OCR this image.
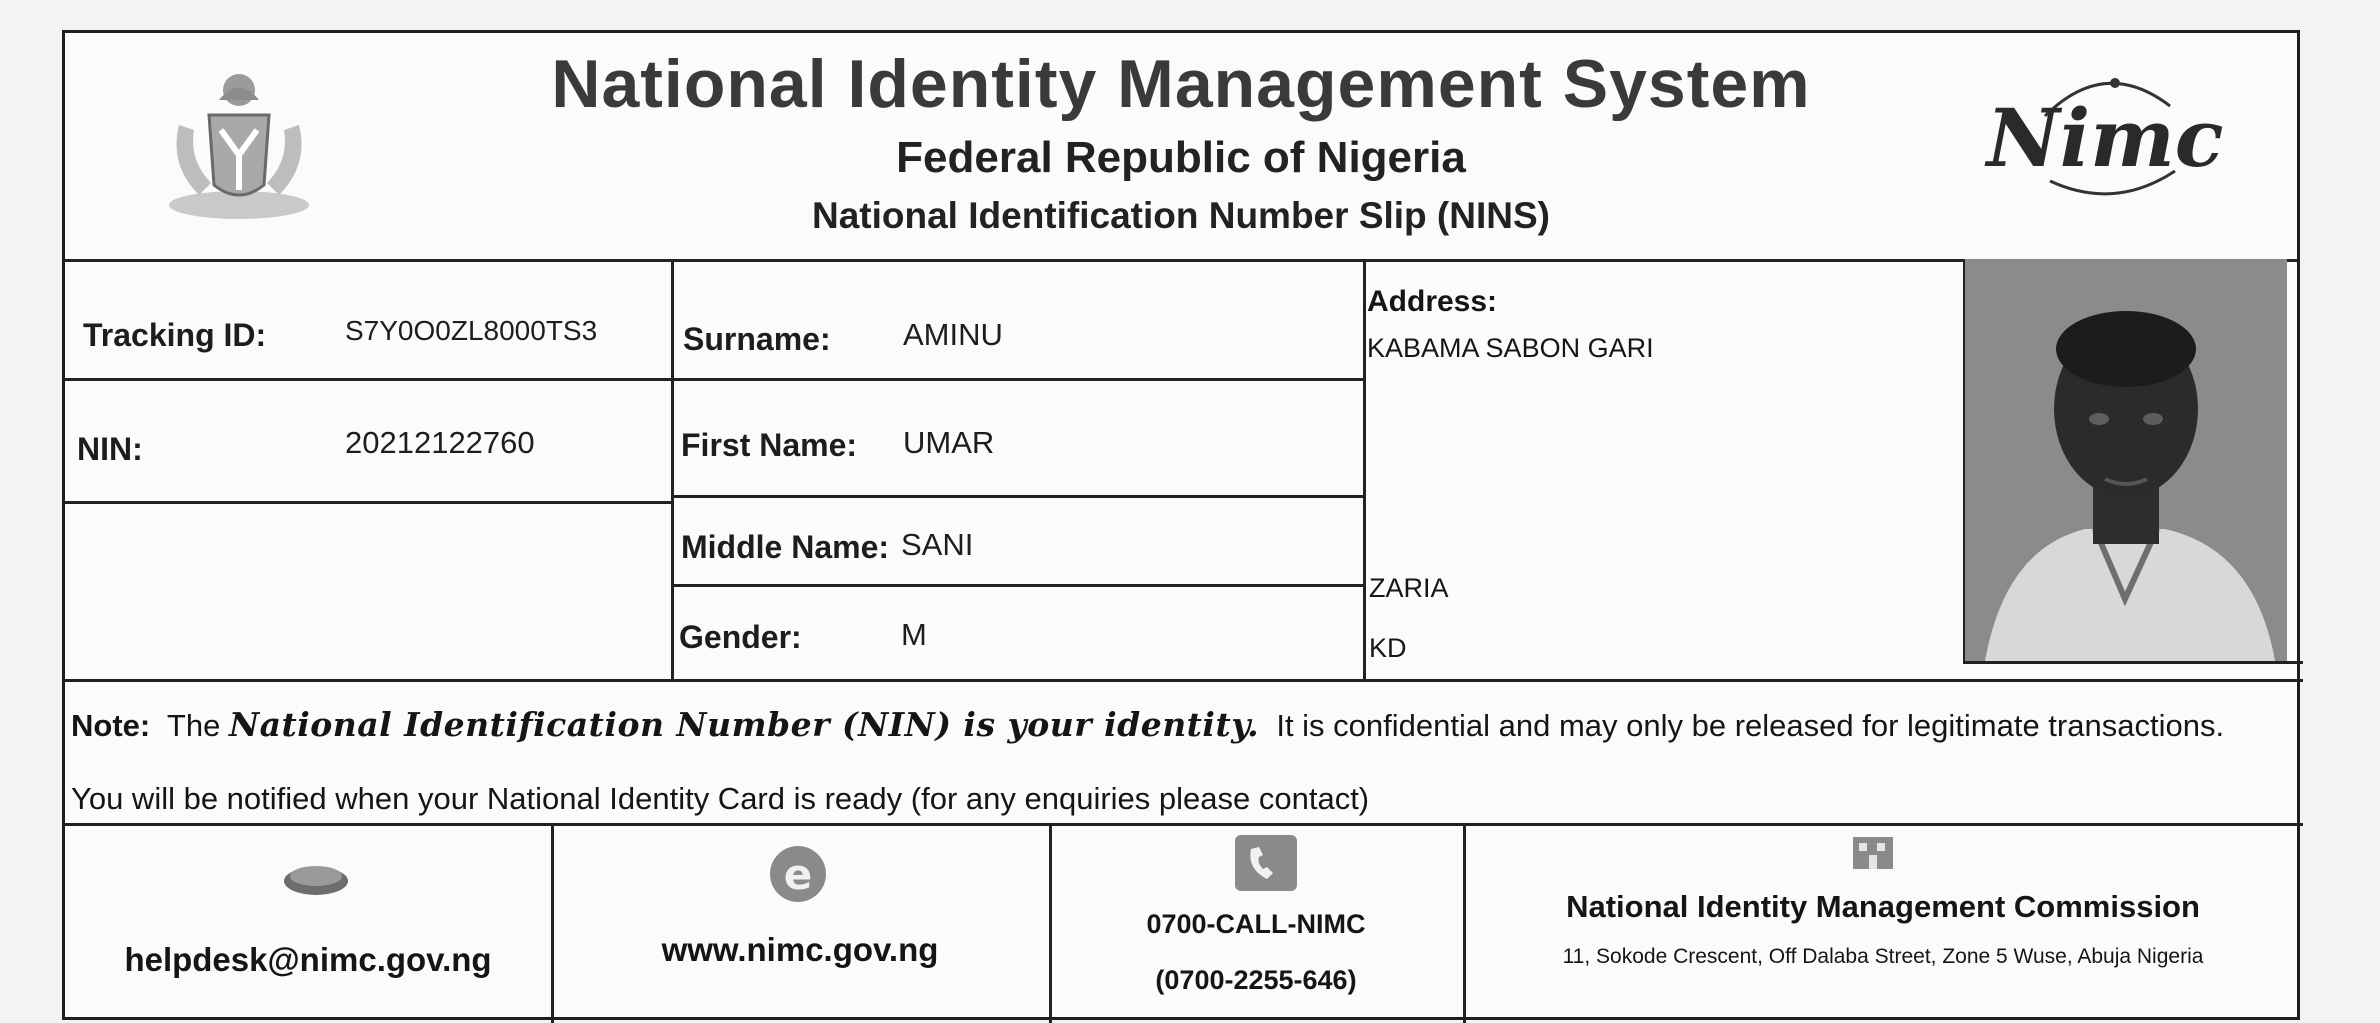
National Identity Management System
Federal Republic of Nigeria
National Identification Number Slip (NINS)
Nimc
Tracking ID:	S7Y0O0ZL8000TS3
NIN:	20212122760
Surname: AMINU
First Name: UMAR
Middle Name: SANI
Gender:	M
Address:
KABAMA SABON GARI
ZARIA
KD
Note: The National Identification Number (NIN) is your identity. It is confidential and may only be released for legitimate transactions.
You will be notified when your National Identity Card is ready (for any enquiries please contact)
helpdesk@nimc.gov.ng
e
www.nimc.gov.ng
0700-CALL-NIMC
(0700-2255-646)
National Identity Management Commission
11, Sokode Crescent, Off Dalaba Street, Zone 5 Wuse, Abuja Nigeria
